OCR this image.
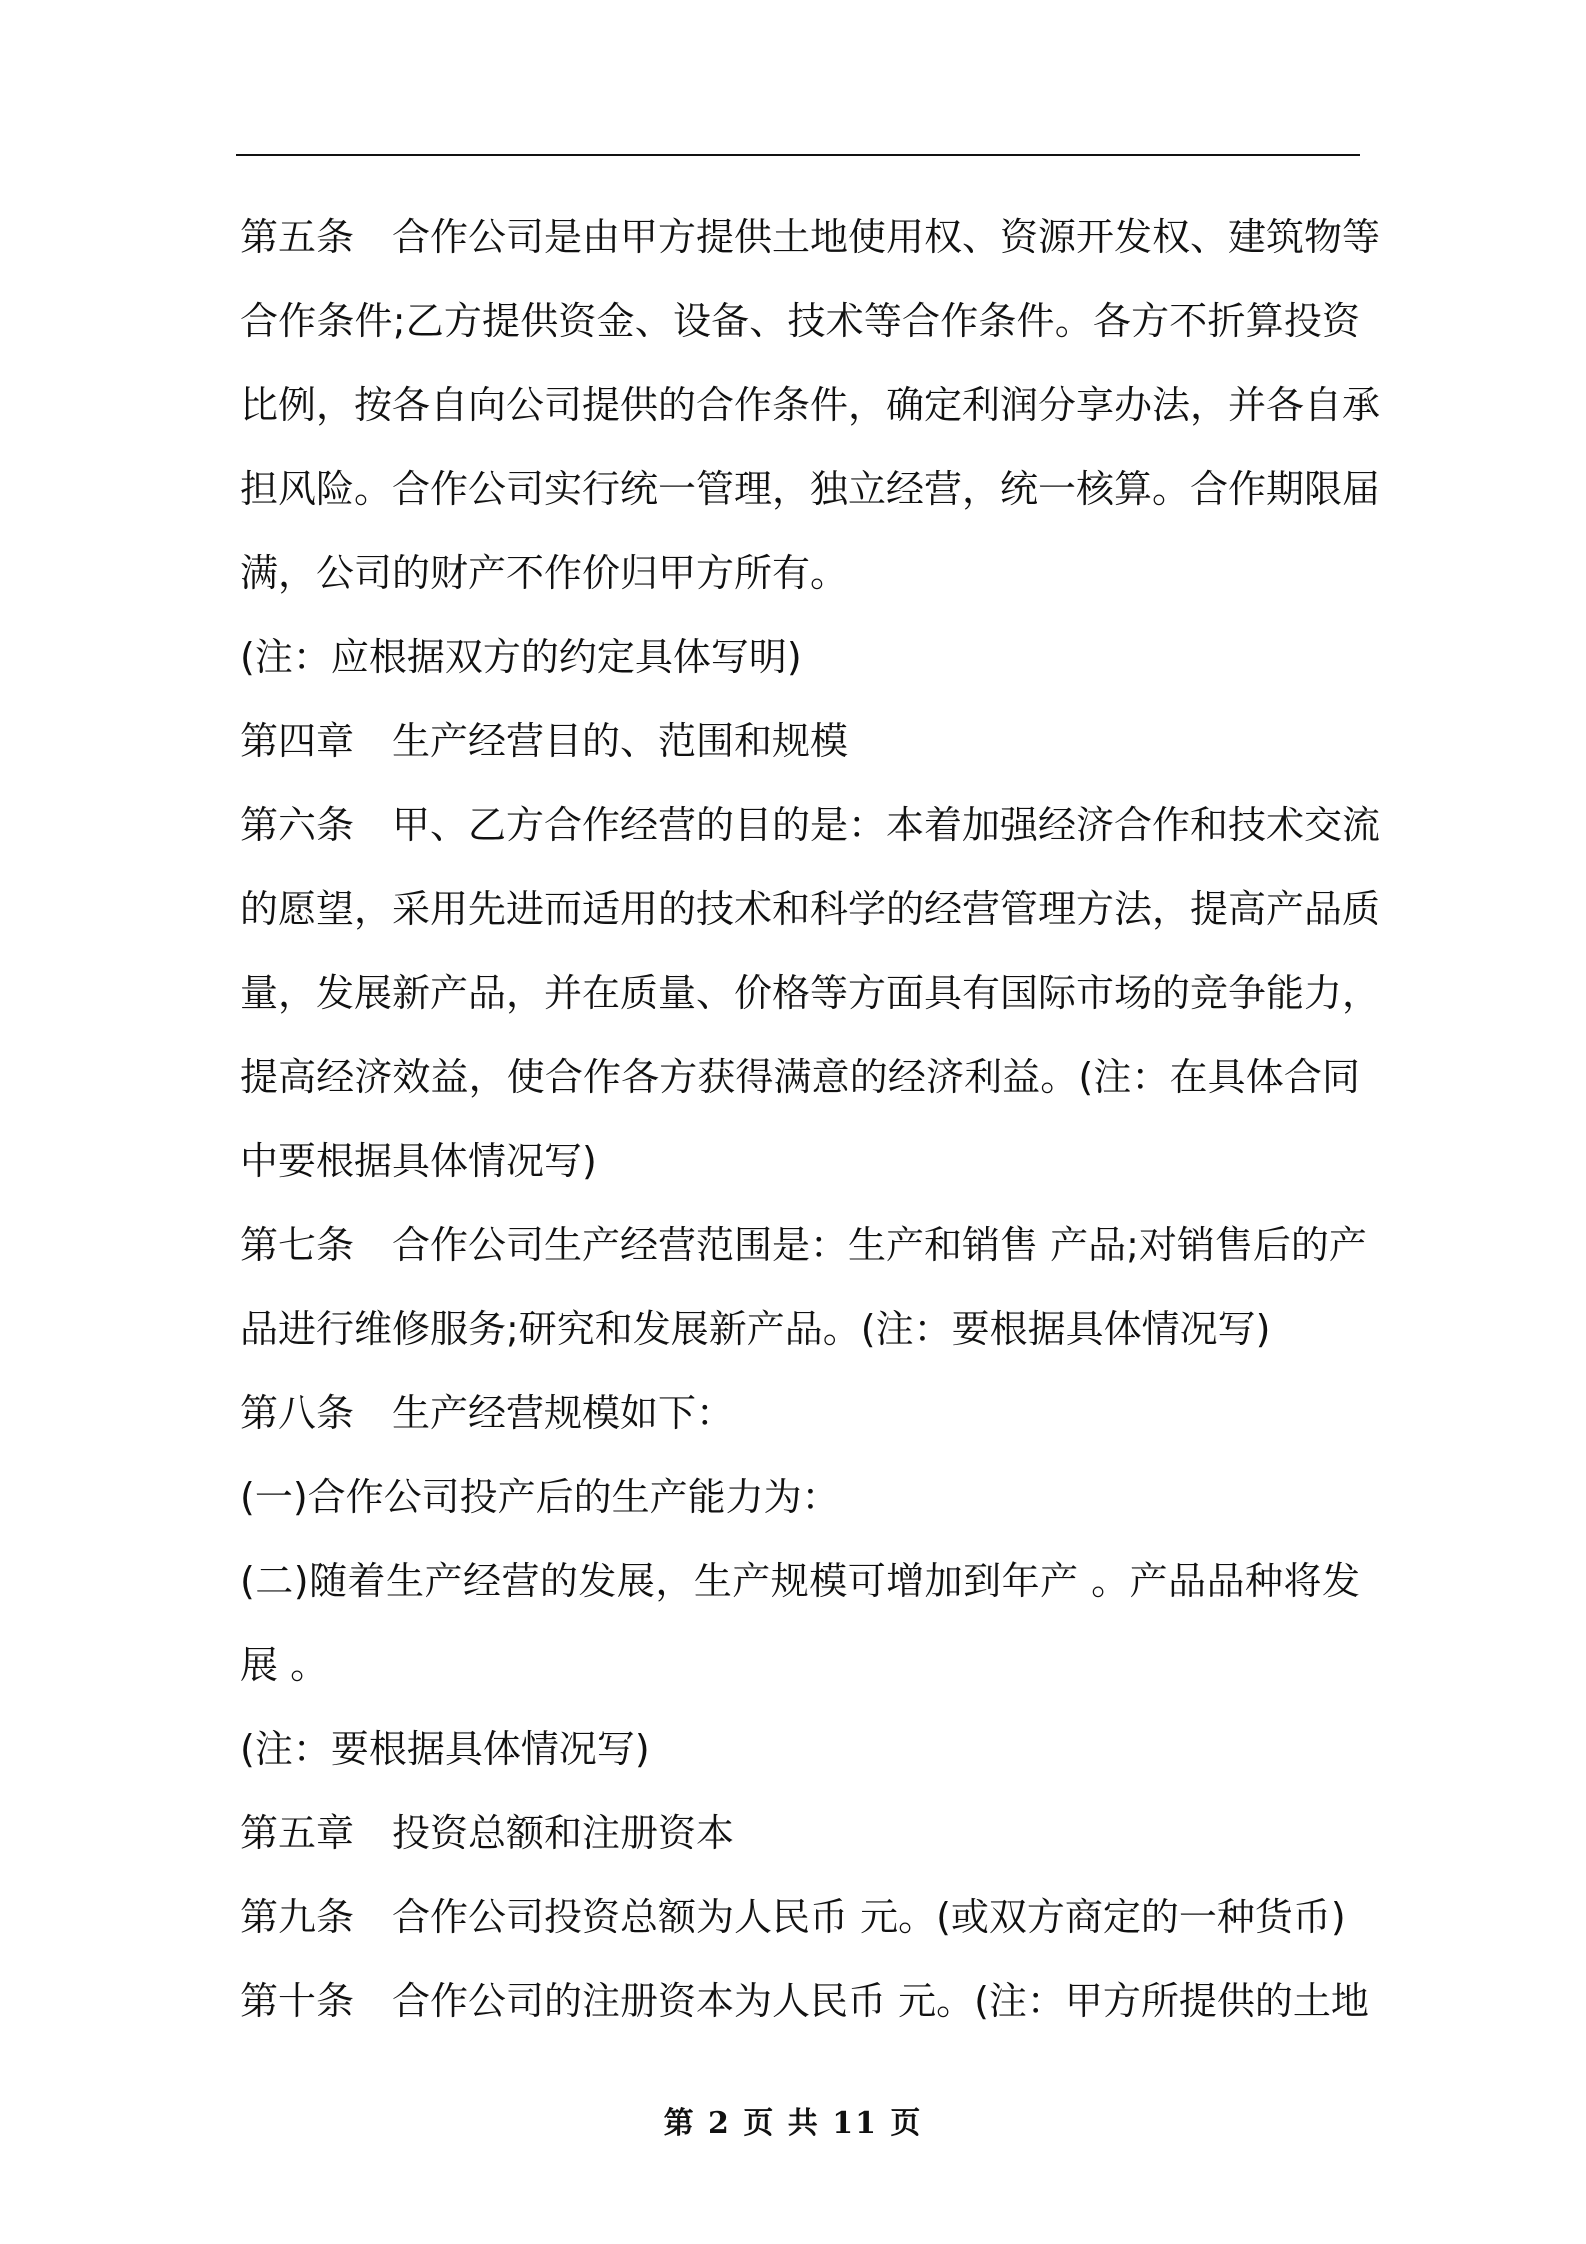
第五条　合作公司是由甲方提供土地使用权、资源开发权、建筑物等
合作条件;乙方提供资金、设备、技术等合作条件。各方不折算投资
比例，按各自向公司提供的合作条件，确定利润分享办法，并各自承
担风险。合作公司实行统一管理，独立经营，统一核算。合作期限届
满，公司的财产不作价归甲方所有。
(注：应根据双方的约定具体写明)
第四章　生产经营目的、范围和规模
第六条　甲、乙方合作经营的目的是：本着加强经济合作和技术交流
的愿望，采用先进而适用的技术和科学的经营管理方法，提高产品质
量，发展新产品，并在质量、价格等方面具有国际市场的竞争能力，
提高经济效益，使合作各方获得满意的经济利益。(注：在具体合同
中要根据具体情况写)
第七条　合作公司生产经营范围是：生产和销售 产品;对销售后的产
品进行维修服务;研究和发展新产品。(注：要根据具体情况写)
第八条　生产经营规模如下：
(一)合作公司投产后的生产能力为：
(二)随着生产经营的发展，生产规模可增加到年产 。产品品种将发
展 。
(注：要根据具体情况写)
第五章　投资总额和注册资本
第九条　合作公司投资总额为人民币 元。(或双方商定的一种货币)
第十条　合作公司的注册资本为人民币 元。(注：甲方所提供的土地
第 2 页 共 11 页
